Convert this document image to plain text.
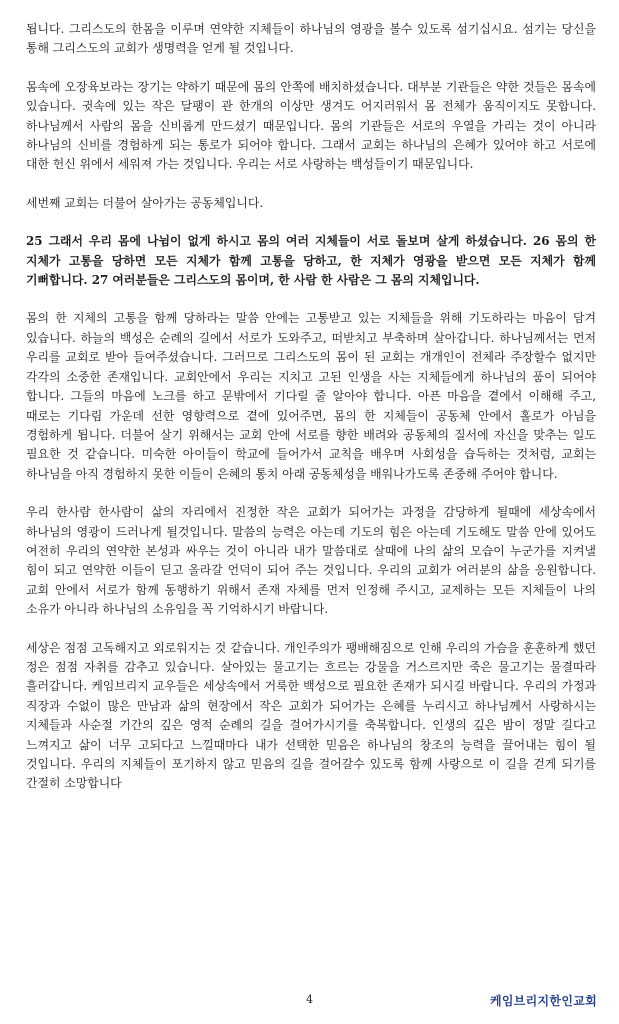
됩니다. 그리스도의 한몸을 이루며 연약한 지체들이 하나님의 영광을 볼수 있도록 섬기십시요. 섬기는 당신을 통해 그리스도의 교회가 생명력을 얻게 될 것입니다.

몸속에 오장육보라는 장기는 약하기 때문에 몸의 안쪽에 배치하셨습니다. 대부분 기관들은 약한 것들은 몸속에 있습니다. 귓속에 있는 작은 달팽이 관 한개의 이상만 생겨도 어지러워서 몸 전체가 움직이지도 못합니다. 하나님께서 사람의 몸을 신비롭게 만드셨기 때문입니다. 몸의 기관들은 서로의 우열을 가리는 것이 아니라 하나님의 신비를 경험하게 되는 통로가 되어야 합니다. 그래서 교회는 하나님의 은혜가 있어야 하고 서로에 대한 헌신 위에서 세워져 가는 것입니다. 우리는 서로 사랑하는 백성들이기 때문입니다.

세번째 교회는 더불어 살아가는 공동체입니다.

25 그래서 우리 몸에 나뉨이 없게 하시고 몸의 여러 지체들이 서로 돌보며 살게 하셨습니다. 26 몸의 한 지체가 고통을 당하면 모든 지체가 함께 고통을 당하고, 한 지체가 영광을 받으면 모든 지체가 함께 기뻐합니다. 27 여러분들은 그리스도의 몸이며, 한 사람 한 사람은 그 몸의 지체입니다.

몸의 한 지체의 고통을 함께 당하라는 말씀 안에는 고통받고 있는 지체들을 위해 기도하라는 마음이 담겨 있습니다. 하늘의 백성은 순례의 길에서 서로가 도와주고, 떠받치고 부축하며 살아갑니다. 하나님께서는 먼저 우리를 교회로 받아 들여주셨습니다. 그러므로 그리스도의 몸이 된 교회는 개개인이 전체라 주장할수 없지만 각각의 소중한 존재입니다. 교회안에서 우리는 지치고 고된 인생을 사는 지체들에게 하나님의 품이 되어야 합니다. 그들의 마음에 노크를 하고 문밖에서 기다릴 줄 알아야 합니다. 아픈 마음을 곁에서 이해해 주고, 때로는 기다림 가운데 선한 영향력으로 곁에 있어주면, 몸의 한 지체들이 공동체 안에서 홀로가 아님을 경험하게 됩니다. 더불어 살기 위해서는 교회 안에 서로를 향한 배려와 공동체의 질서에 자신을 맞추는 일도 필요한 것 같습니다. 미숙한 아이들이 학교에 들어가서 교칙을 배우며 사회성을 습득하는 것처럼, 교회는 하나님을 아직 경험하지 못한 이들이 은혜의 통치 아래 공동체성을 배워나가도록 존중해 주어야 합니다.

우리 한사람 한사람이 삶의 자리에서 진정한 작은 교회가 되어가는 과정을 감당하게 될때에 세상속에서 하나님의 영광이 드러나게 될것입니다. 말씀의 능력은 아는데 기도의 힘은 아는데 기도해도 말씀 안에 있어도 여전히 우리의 연약한 본성과 싸우는 것이 아니라 내가 말씀대로 살때에 나의 삶의 모습이 누군가를 지켜낼 힘이 되고 연약한 이들이 딛고 올라갈 언덕이 되어 주는 것입니다. 우리의 교회가 여러분의 삶을 응원합니다. 교회 안에서 서로가 함께 동행하기 위해서 존재 자체를 먼저 인정해 주시고, 교제하는 모든 지체들이 나의 소유가 아니라 하나님의 소유임을 꼭 기억하시기 바랍니다.

세상은 점점 고독해지고 외로워지는 것 같습니다. 개인주의가 팽배해짐으로 인해 우리의 가슴을 훈훈하게 했던 정은 점점 자취를 감추고 있습니다. 살아있는 물고기는 흐르는 강물을 거스르지만 죽은 물고기는 물결따라 흘러갑니다. 케임브리지 교우들은 세상속에서 거룩한 백성으로 필요한 존재가 되시길 바랍니다. 우리의 가정과 직장과 수없이 많은 만남과 삶의 현장에서 작은 교회가 되어가는 은혜를 누리시고 하나님께서 사랑하시는 지체들과 사순절 기간의 깊은 영적 순례의 길을 걸어가시기를 축복합니다. 인생의 깊은 밤이 정말 길다고 느껴지고 삶이 너무 고되다고 느낄때마다 내가 선택한 믿음은 하나님의 창조의 능력을 끌어내는 힘이 될 것입니다. 우리의 지체들이 포기하지 않고 믿음의 길을 걸어갈수 있도록 함께 사랑으로 이 길을 걷게 되기를 간절히 소망합니다

4	케임브리지한인교회
